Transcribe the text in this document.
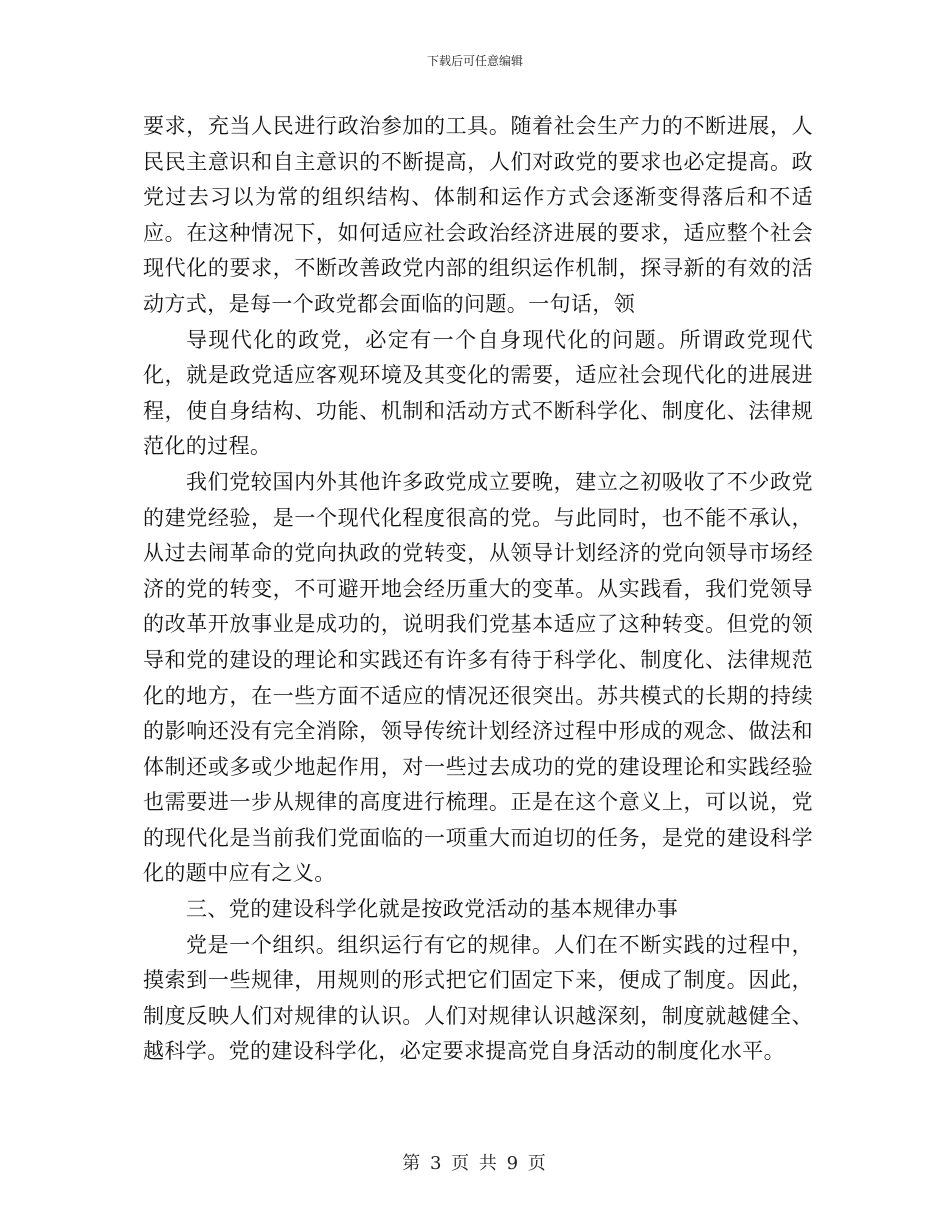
下载后可任意编辑

要求，充当人民进行政治参加的工具。随着社会生产力的不断进展，人民民主意识和自主意识的不断提高，人们对政党的要求也必定提高。政党过去习以为常的组织结构、体制和运作方式会逐渐变得落后和不适应。在这种情况下，如何适应社会政治经济进展的要求，适应整个社会现代化的要求，不断改善政党内部的组织运作机制，探寻新的有效的活动方式，是每一个政党都会面临的问题。一句话，领

导现代化的政党，必定有一个自身现代化的问题。所谓政党现代化，就是政党适应客观环境及其变化的需要，适应社会现代化的进展进程，使自身结构、功能、机制和活动方式不断科学化、制度化、法律规范化的过程。

我们党较国内外其他许多政党成立要晚，建立之初吸收了不少政党的建党经验，是一个现代化程度很高的党。与此同时，也不能不承认，从过去闹革命的党向执政的党转变，从领导计划经济的党向领导市场经济的党的转变，不可避开地会经历重大的变革。从实践看，我们党领导的改革开放事业是成功的，说明我们党基本适应了这种转变。但党的领导和党的建设的理论和实践还有许多有待于科学化、制度化、法律规范化的地方，在一些方面不适应的情况还很突出。苏共模式的长期的持续的影响还没有完全消除，领导传统计划经济过程中形成的观念、做法和体制还或多或少地起作用，对一些过去成功的党的建设理论和实践经验也需要进一步从规律的高度进行梳理。正是在这个意义上，可以说，党的现代化是当前我们党面临的一项重大而迫切的任务，是党的建设科学化的题中应有之义。

三、党的建设科学化就是按政党活动的基本规律办事

党是一个组织。组织运行有它的规律。人们在不断实践的过程中，摸索到一些规律，用规则的形式把它们固定下来，便成了制度。因此，制度反映人们对规律的认识。人们对规律认识越深刻，制度就越健全、越科学。党的建设科学化，必定要求提高党自身活动的制度化水平。

第 3 页 共 9 页
